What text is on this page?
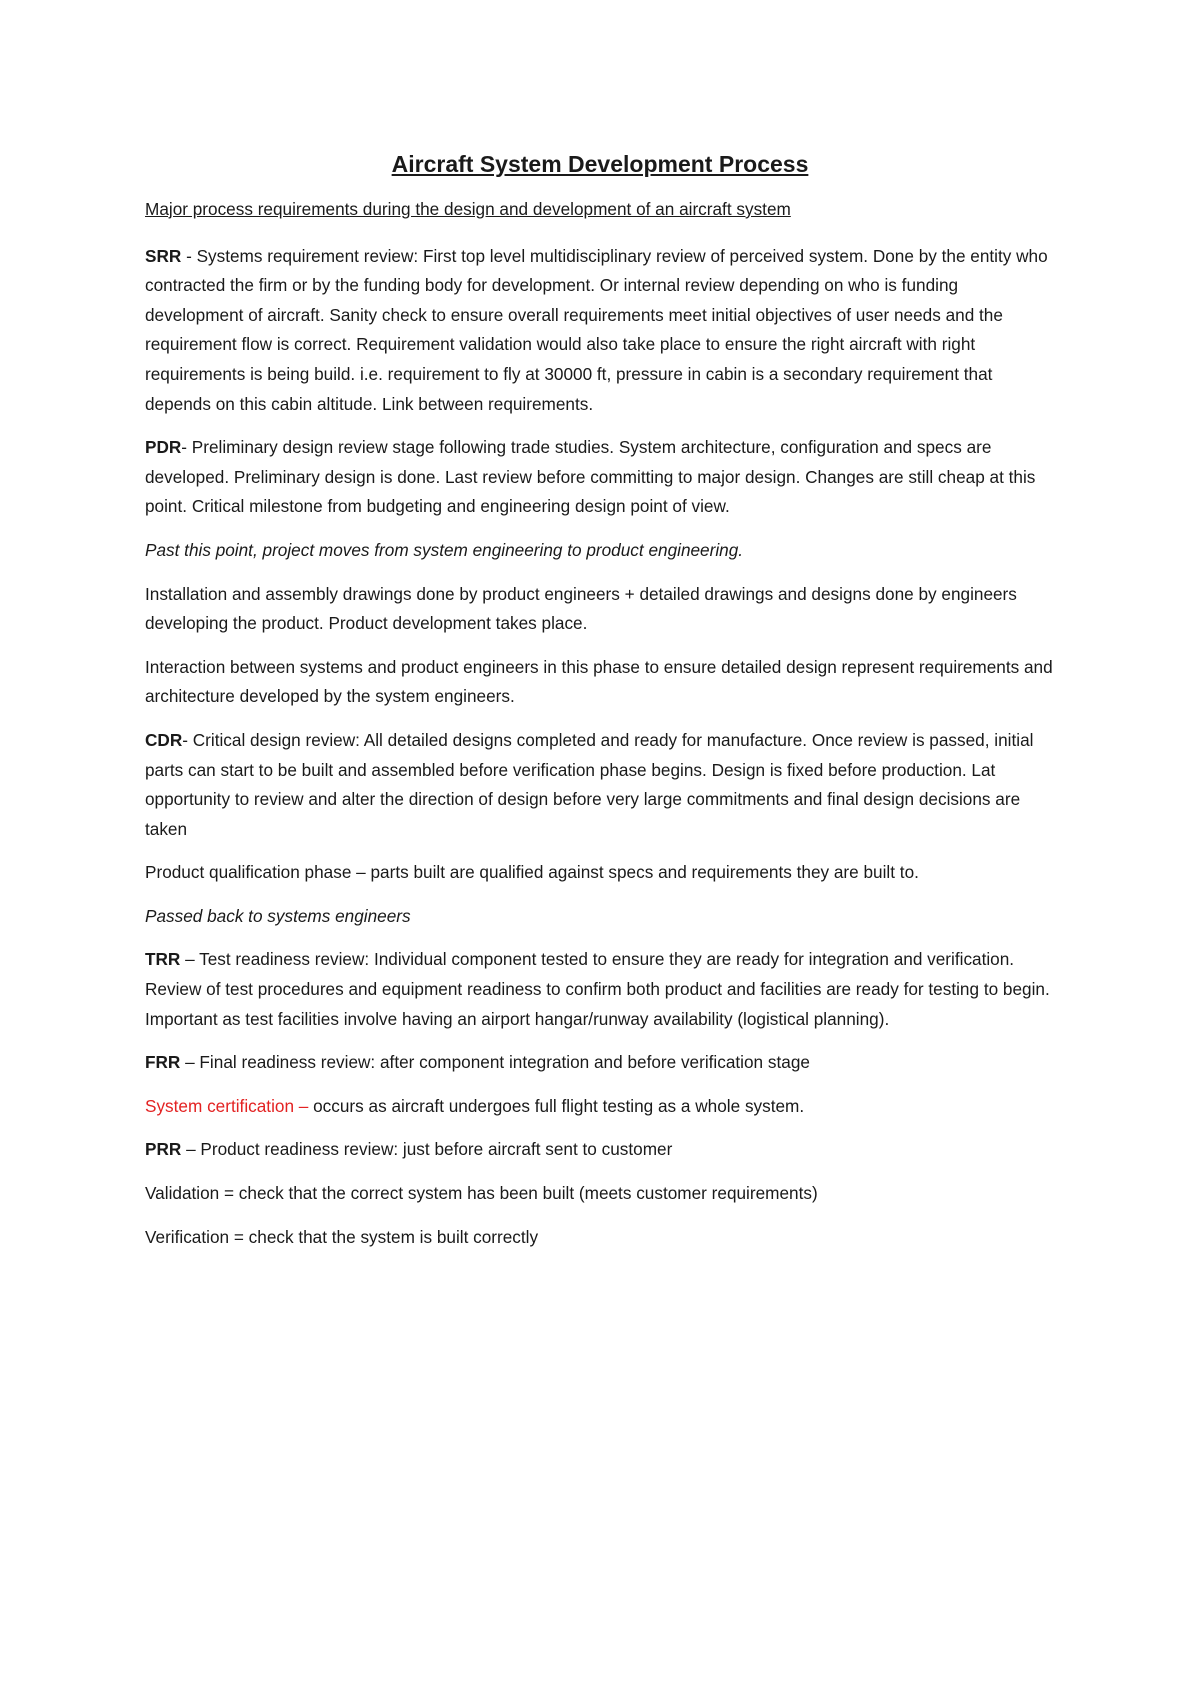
Aircraft System Development Process

Major process requirements during the design and development of an aircraft system

SRR - Systems requirement review: First top level multidisciplinary review of perceived system. Done by the entity who contracted the firm or by the funding body for development. Or internal review depending on who is funding development of aircraft. Sanity check to ensure overall requirements meet initial objectives of user needs and the requirement flow is correct. Requirement validation would also take place to ensure the right aircraft with right requirements is being build. i.e. requirement to fly at 30000 ft, pressure in cabin is a secondary requirement that depends on this cabin altitude. Link between requirements.

PDR- Preliminary design review stage following trade studies. System architecture, configuration and specs are developed. Preliminary design is done. Last review before committing to major design. Changes are still cheap at this point. Critical milestone from budgeting and engineering design point of view.

Past this point, project moves from system engineering to product engineering.

Installation and assembly drawings done by product engineers + detailed drawings and designs done by engineers developing the product. Product development takes place.

Interaction between systems and product engineers in this phase to ensure detailed design represent requirements and architecture developed by the system engineers.

CDR- Critical design review: All detailed designs completed and ready for manufacture. Once review is passed, initial parts can start to be built and assembled before verification phase begins. Design is fixed before production. Lat opportunity to review and alter the direction of design before very large commitments and final design decisions are taken

Product qualification phase – parts built are qualified against specs and requirements they are built to.

Passed back to systems engineers

TRR – Test readiness review: Individual component tested to ensure they are ready for integration and verification. Review of test procedures and equipment readiness to confirm both product and facilities are ready for testing to begin. Important as test facilities involve having an airport hangar/runway availability (logistical planning).

FRR – Final readiness review: after component integration and before verification stage

System certification – occurs as aircraft undergoes full flight testing as a whole system.

PRR – Product readiness review: just before aircraft sent to customer

Validation = check that the correct system has been built (meets customer requirements)

Verification = check that the system is built correctly
